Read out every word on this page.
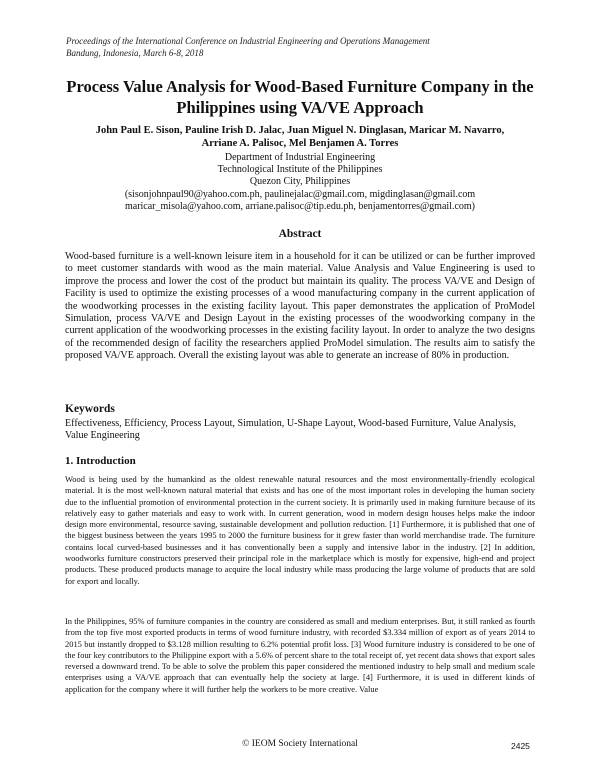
Proceedings of the International Conference on Industrial Engineering and Operations Management
Bandung, Indonesia, March 6-8, 2018
Process Value Analysis for Wood-Based Furniture Company in the Philippines using VA/VE Approach
John Paul E. Sison, Pauline Irish D. Jalac, Juan Miguel N. Dinglasan, Maricar M. Navarro,
Arriane A. Palisoc, Mel Benjamen A. Torres
Department of Industrial Engineering
Technological Institute of the Philippines
Quezon City, Philippines
(sisonjohnpaul90@yahoo.com.ph, paulinejalac@gmail.com, migdinglasan@gmail.com
maricar_misola@yahoo.com, arriane.palisoc@tip.edu.ph, benjamentorres@gmail.com)
Abstract
Wood-based furniture is a well-known leisure item in a household for it can be utilized or can be further improved to meet customer standards with wood as the main material. Value Analysis and Value Engineering is used to improve the process and lower the cost of the product but maintain its quality. The process VA/VE and Design of Facility is used to optimize the existing processes of a wood manufacturing company in the current application of the woodworking processes in the existing facility layout. This paper demonstrates the application of ProModel Simulation, process VA/VE and Design Layout in the existing processes of the woodworking company in the current application of the woodworking processes in the existing facility layout. In order to analyze the two designs of the recommended design of facility the researchers applied ProModel simulation. The results aim to satisfy the proposed VA/VE approach. Overall the existing layout was able to generate an increase of 80% in production.
Keywords
Effectiveness, Efficiency, Process Layout, Simulation, U-Shape Layout, Wood-based Furniture, Value Analysis, Value Engineering
1. Introduction
Wood is being used by the humankind as the oldest renewable natural resources and the most environmentally-friendly ecological material. It is the most well-known natural material that exists and has one of the most important roles in developing the human society due to the influential promotion of environmental protection in the current society. It is primarily used in making furniture because of its relatively easy to gather materials and easy to work with. In current generation, wood in modern design houses helps make the indoor design more environmental, resource saving, sustainable development and pollution reduction. [1] Furthermore, it is published that one of the biggest business between the years 1995 to 2000 the furniture business for it grew faster than world merchandise trade. The furniture contains local curved-based businesses and it has conventionally been a supply and intensive labor in the industry. [2] In addition, woodworks furniture constructors preserved their principal role in the marketplace which is mostly for expensive, high-end and project products. These produced products manage to acquire the local industry while mass producing the large volume of products that are sold for export and locally.
In the Philippines, 95% of furniture companies in the country are considered as small and medium enterprises. But, it still ranked as fourth from the top five most exported products in terms of wood furniture industry, with recorded $3.334 million of export as of years 2014 to 2015 but instantly dropped to $3.128 million resulting to 6.2% potential profit loss. [3] Wood furniture industry is considered to be one of the four key contributors to the Philippine export with a 5.6% of percent share to the total receipt of, yet recent data shows that export sales reversed a downward trend. To be able to solve the problem this paper considered the mentioned industry to help small and medium scale enterprises using a VA/VE approach that can eventually help the society at large. [4] Furthermore, it is used in different kinds of application for the company where it will further help the workers to be more creative. Value
© IEOM Society International	2425
